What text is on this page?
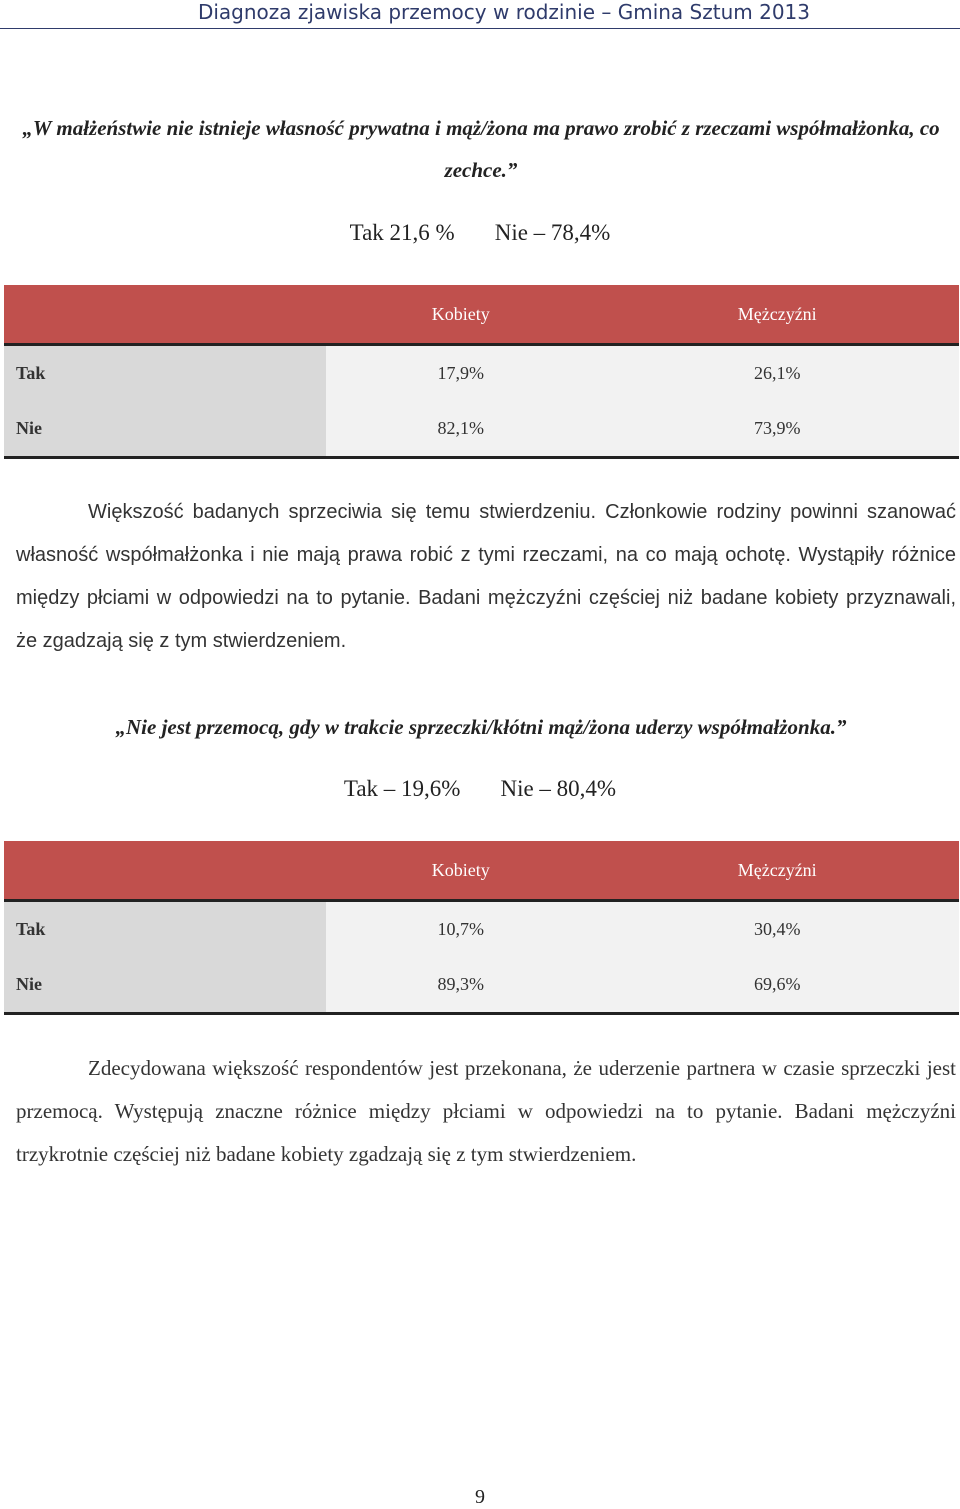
Diagnoza zjawiska przemocy w rodzinie – Gmina Sztum 2013
„W małżeństwie nie istnieje własność prywatna i mąż/żona ma prawo zrobić z rzeczami współmałżonka, co zechce.”
Tak 21,6 % Nie – 78,4%
	Kobiety	Mężczyźni
Tak	17,9%	26,1%
Nie	82,1%	73,9%
Większość badanych sprzeciwia się temu stwierdzeniu. Członkowie rodziny powinni szanować własność współmałżonka i nie mają prawa robić z tymi rzeczami, na co mają ochotę. Wystąpiły różnice między płciami w odpowiedzi na to pytanie. Badani mężczyźni częściej niż badane kobiety przyznawali, że zgadzają się z tym stwierdzeniem.
„Nie jest przemocą, gdy w trakcie sprzeczki/kłótni mąż/żona uderzy współmałżonka.”
Tak – 19,6% Nie – 80,4%
	Kobiety	Mężczyźni
Tak	10,7%	30,4%
Nie	89,3%	69,6%
Zdecydowana większość respondentów jest przekonana, że uderzenie partnera w czasie sprzeczki jest przemocą. Występują znaczne różnice między płciami w odpowiedzi na to pytanie. Badani mężczyźni trzykrotnie częściej niż badane kobiety zgadzają się z tym stwierdzeniem.
9
